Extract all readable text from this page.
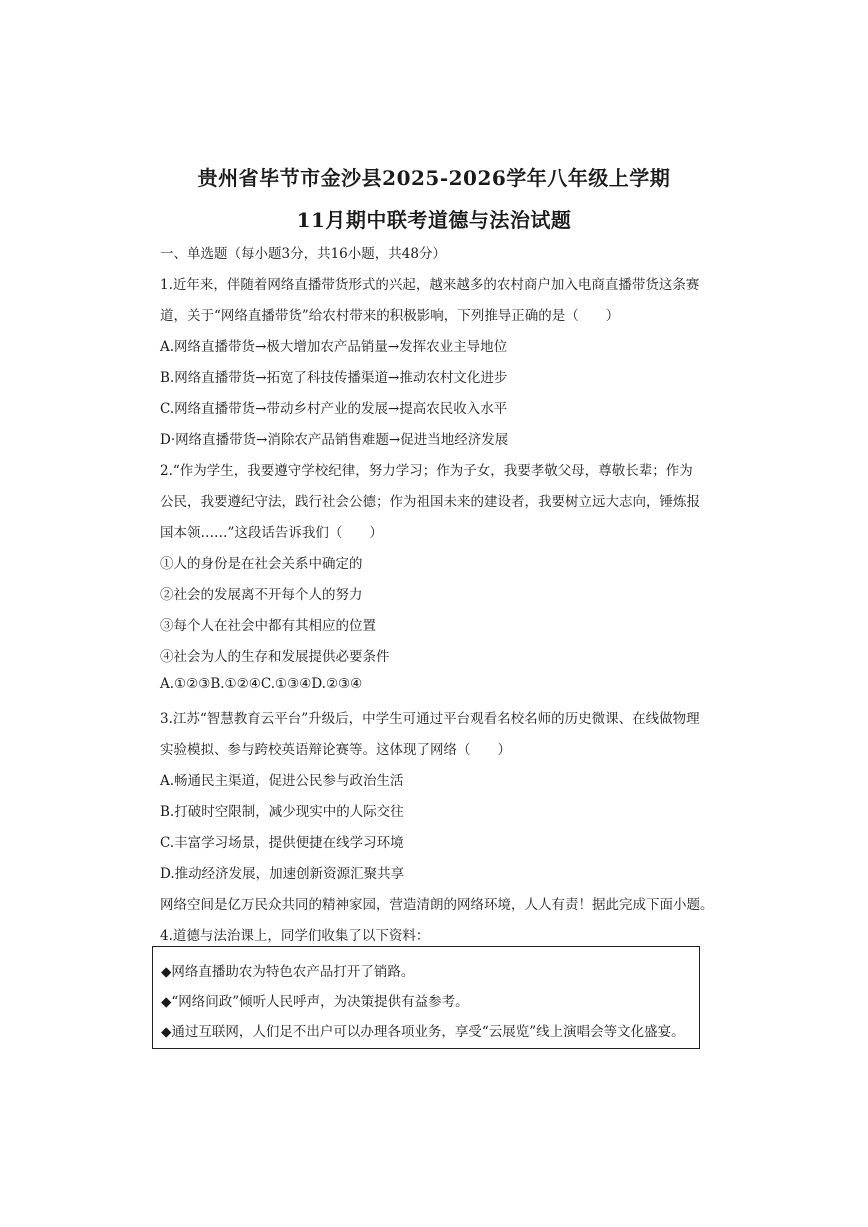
贵州省毕节市金沙县2025-2026学年八年级上学期
11月期中联考道德与法治试题
一、单选题（每小题3分，共16小题，共48分）
1.近年来，伴随着网络直播带货形式的兴起，越来越多的农村商户加入电商直播带货这条赛
道，关于“网络直播带货”给农村带来的积极影响，下列推导正确的是（　　）
A.网络直播带货→极大增加农产品销量→发挥农业主导地位
B.网络直播带货→拓宽了科技传播渠道→推动农村文化进步
C.网络直播带货→带动乡村产业的发展→提高农民收入水平
D·网络直播带货→消除农产品销售难题→促进当地经济发展
2.“作为学生，我要遵守学校纪律，努力学习；作为子女，我要孝敬父母，尊敬长辈；作为
公民，我要遵纪守法，践行社会公德；作为祖国未来的建设者，我要树立远大志向，锤炼报
国本领……”这段话告诉我们（　　）
①人的身份是在社会关系中确定的
②社会的发展离不开每个人的努力
③每个人在社会中都有其相应的位置
④社会为人的生存和发展提供必要条件
A.①②③B.①②④C.①③④D.②③④
3.江苏“智慧教育云平台”升级后，中学生可通过平台观看名校名师的历史微课、在线做物理
实验模拟、参与跨校英语辩论赛等。这体现了网络（　　）
A.畅通民主渠道，促进公民参与政治生活
B.打破时空限制，减少现实中的人际交往
C.丰富学习场景，提供便捷在线学习环境
D.推动经济发展，加速创新资源汇聚共享
网络空间是亿万民众共同的精神家园，营造清朗的网络环境，人人有责！据此完成下面小题。
4.道德与法治课上，同学们收集了以下资料：
◆网络直播助农为特色农产品打开了销路。
◆“网络问政”倾听人民呼声，为决策提供有益参考。
◆通过互联网，人们足不出户可以办理各项业务，享受“云展览”线上演唱会等文化盛宴。
